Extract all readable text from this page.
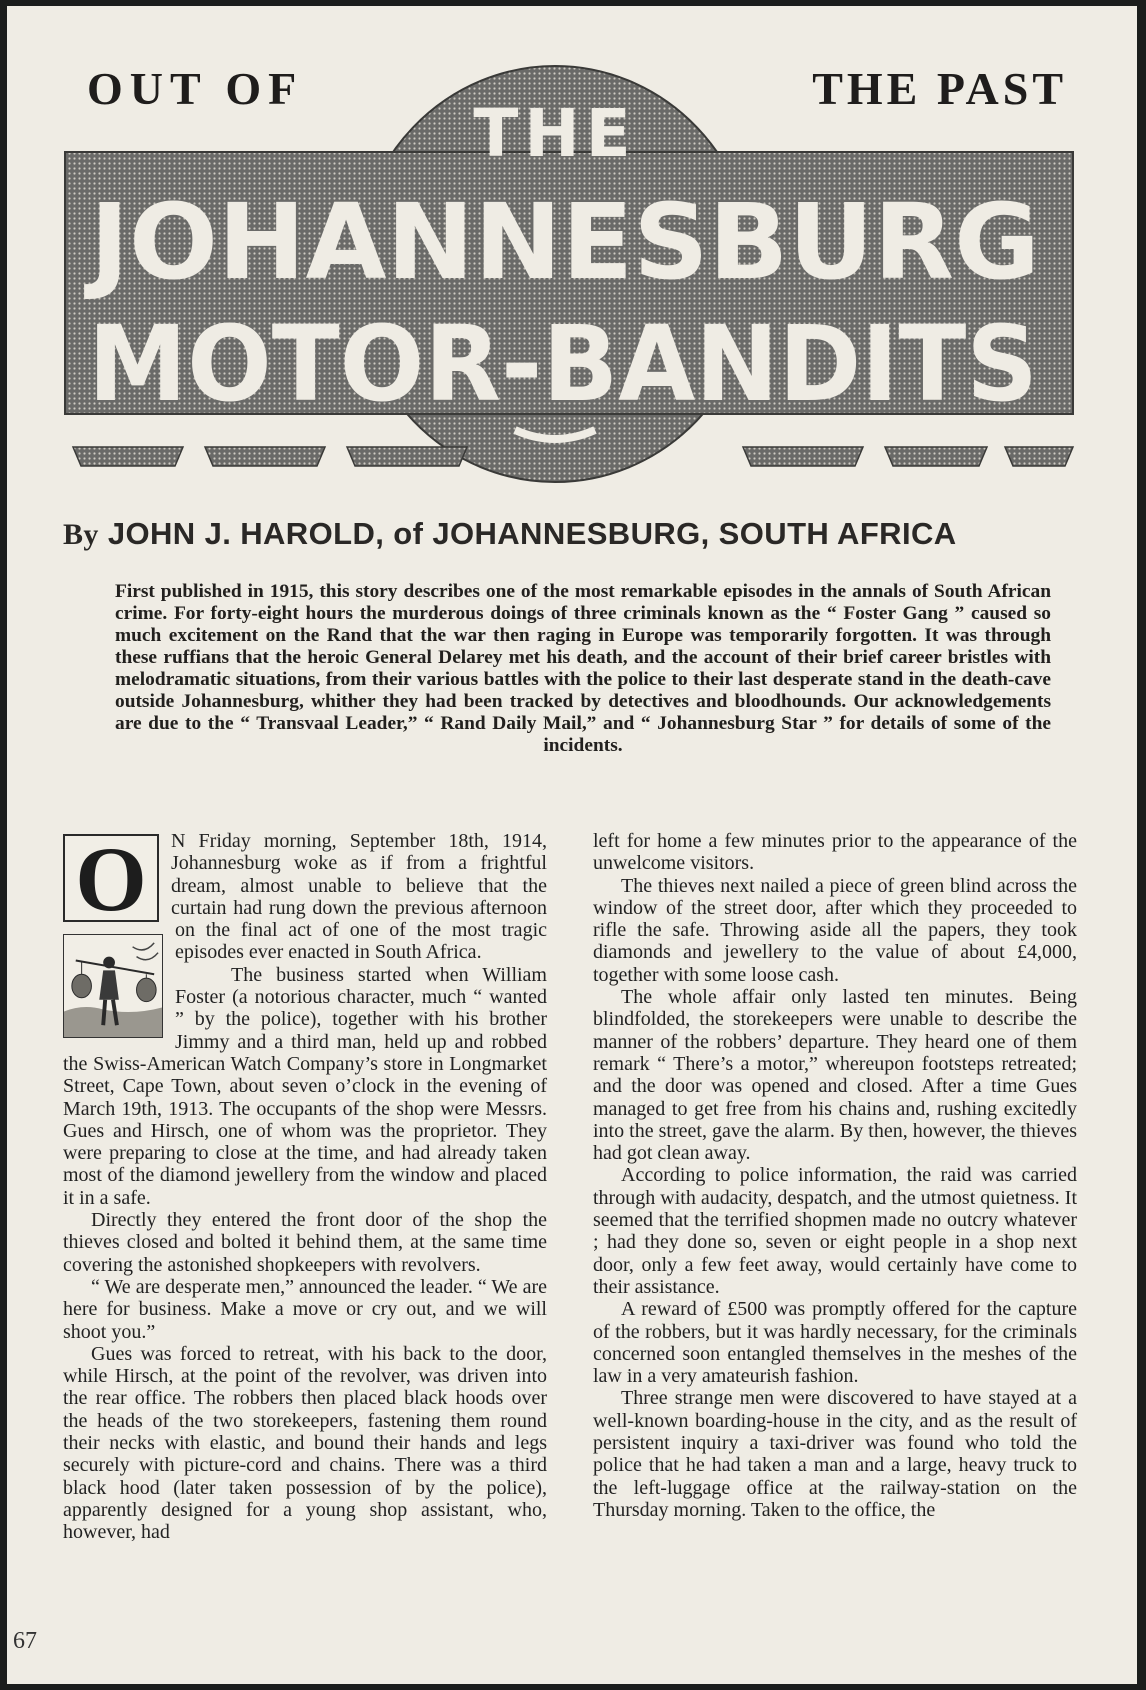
THE
JOHANNESBURG
MOTOR-BANDITS
OUT OF	THE PAST
By JOHN J. HAROLD, of JOHANNESBURG, SOUTH AFRICA
First published in 1915, this story describes one of the most remarkable episodes in the annals of South African crime. For forty-eight hours the murderous doings of three criminals known as the “ Foster Gang ” caused so much excitement on the Rand that the war then raging in Europe was temporarily forgotten. It was through these ruffians that the heroic General Delarey met his death, and the account of their brief career bristles with melodramatic situations, from their various battles with the police to their last desperate stand in the death-cave outside Johannesburg, whither they had been tracked by detectives and bloodhounds. Our acknowledgements are due to the “ Transvaal Leader,” “ Rand Daily Mail,” and “ Johannesburg Star ” for details of some of the incidents.
O	N Friday morning, September 18th, 1914, Johannesburg woke as if from a frightful dream, almost unable to believe that the curtain had rung down the previous afternoon on the final act of one of the most tragic episodes ever enacted in South Africa.

The business started when William Foster (a notorious character, much “ wanted ” by the police), together with his brother Jimmy and a third man, held up and robbed the Swiss-American Watch Company’s store in Longmarket Street, Cape Town, about seven o’clock in the evening of March 19th, 1913. The occupants of the shop were Messrs. Gues and Hirsch, one of whom was the proprietor. They were preparing to close at the time, and had already taken most of the diamond jewellery from the window and placed it in a safe.

Directly they entered the front door of the shop the thieves closed and bolted it behind them, at the same time covering the astonished shopkeepers with revolvers.

“ We are desperate men,” announced the leader. “ We are here for business. Make a move or cry out, and we will shoot you.”

Gues was forced to retreat, with his back to the door, while Hirsch, at the point of the revolver, was driven into the rear office. The robbers then placed black hoods over the heads of the two storekeepers, fastening them round their necks with elastic, and bound their hands and legs securely with picture-cord and chains. There was a third black hood (later taken possession of by the police), apparently designed for a young shop assistant, who, however, had

left for home a few minutes prior to the appearance of the unwelcome visitors.

The thieves next nailed a piece of green blind across the window of the street door, after which they proceeded to rifle the safe. Throwing aside all the papers, they took diamonds and jewellery to the value of about £4,000, together with some loose cash.

The whole affair only lasted ten minutes. Being blindfolded, the storekeepers were unable to describe the manner of the robbers’ departure. They heard one of them remark “ There’s a motor,” whereupon footsteps retreated; and the door was opened and closed. After a time Gues managed to get free from his chains and, rushing excitedly into the street, gave the alarm. By then, however, the thieves had got clean away.

According to police information, the raid was carried through with audacity, despatch, and the utmost quietness. It seemed that the terrified shopmen made no outcry whatever ; had they done so, seven or eight people in a shop next door, only a few feet away, would certainly have come to their assistance.

A reward of £500 was promptly offered for the capture of the robbers, but it was hardly necessary, for the criminals concerned soon entangled themselves in the meshes of the law in a very amateurish fashion.

Three strange men were discovered to have stayed at a well-known boarding-house in the city, and as the result of persistent inquiry a taxi-driver was found who told the police that he had taken a man and a large, heavy truck to the left-luggage office at the railway-station on the Thursday morning. Taken to the office, the

67
Copyright Cosmo Int. Ltd
